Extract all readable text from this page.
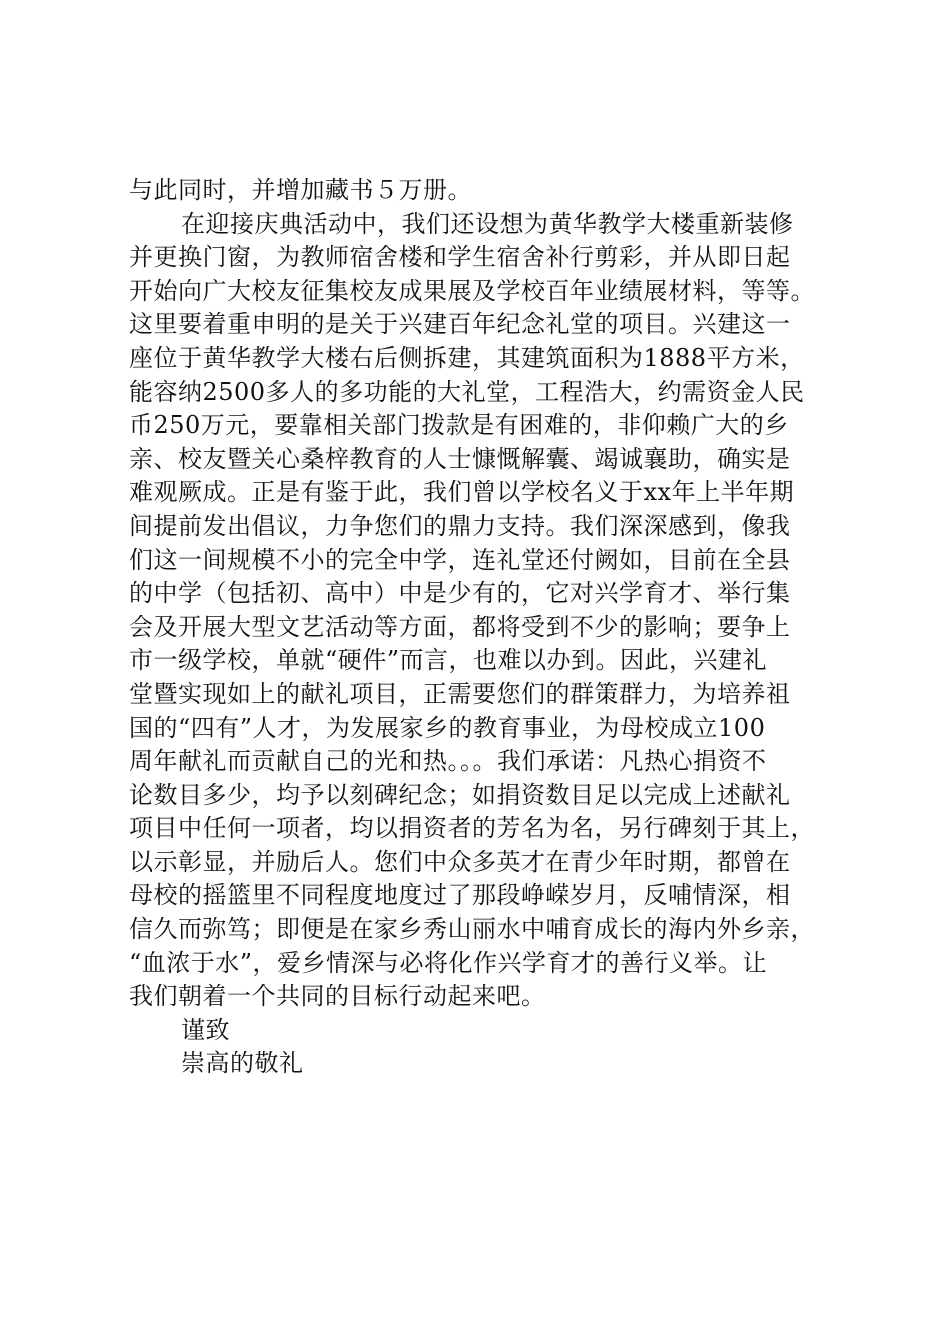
与此同时，并增加藏书５万册。
在迎接庆典活动中，我们还设想为黄华教学大楼重新装修
并更换门窗，为教师宿舍楼和学生宿舍补行剪彩，并从即日起
开始向广大校友征集校友成果展及学校百年业绩展材料，等等。
这里要着重申明的是关于兴建百年纪念礼堂的项目。兴建这一
座位于黄华教学大楼右后侧拆建，其建筑面积为1888平方米，
能容纳2500多人的多功能的大礼堂，工程浩大，约需资金人民
币250万元，要靠相关部门拨款是有困难的，非仰赖广大的乡
亲、校友暨关心桑梓教育的人士慷慨解囊、竭诚襄助，确实是
难观厥成。正是有鉴于此，我们曾以学校名义于xx年上半年期
间提前发出倡议，力争您们的鼎力支持。我们深深感到，像我
们这一间规模不小的完全中学，连礼堂还付阙如，目前在全县
的中学（包括初、高中）中是少有的，它对兴学育才、举行集
会及开展大型文艺活动等方面，都将受到不少的影响；要争上
市一级学校，单就“硬件”而言，也难以办到。因此，兴建礼
堂暨实现如上的献礼项目，正需要您们的群策群力，为培养祖
国的“四有”人才，为发展家乡的教育事业，为母校成立100
周年献礼而贡献自己的光和热。。。我们承诺：凡热心捐资不
论数目多少，均予以刻碑纪念；如捐资数目足以完成上述献礼
项目中任何一项者，均以捐资者的芳名为名，另行碑刻于其上，
以示彰显，并励后人。您们中众多英才在青少年时期，都曾在
母校的摇篮里不同程度地度过了那段峥嵘岁月，反哺情深，相
信久而弥笃；即便是在家乡秀山丽水中哺育成长的海内外乡亲，
“血浓于水”，爱乡情深与必将化作兴学育才的善行义举。让
我们朝着一个共同的目标行动起来吧。
谨致
崇高的敬礼
